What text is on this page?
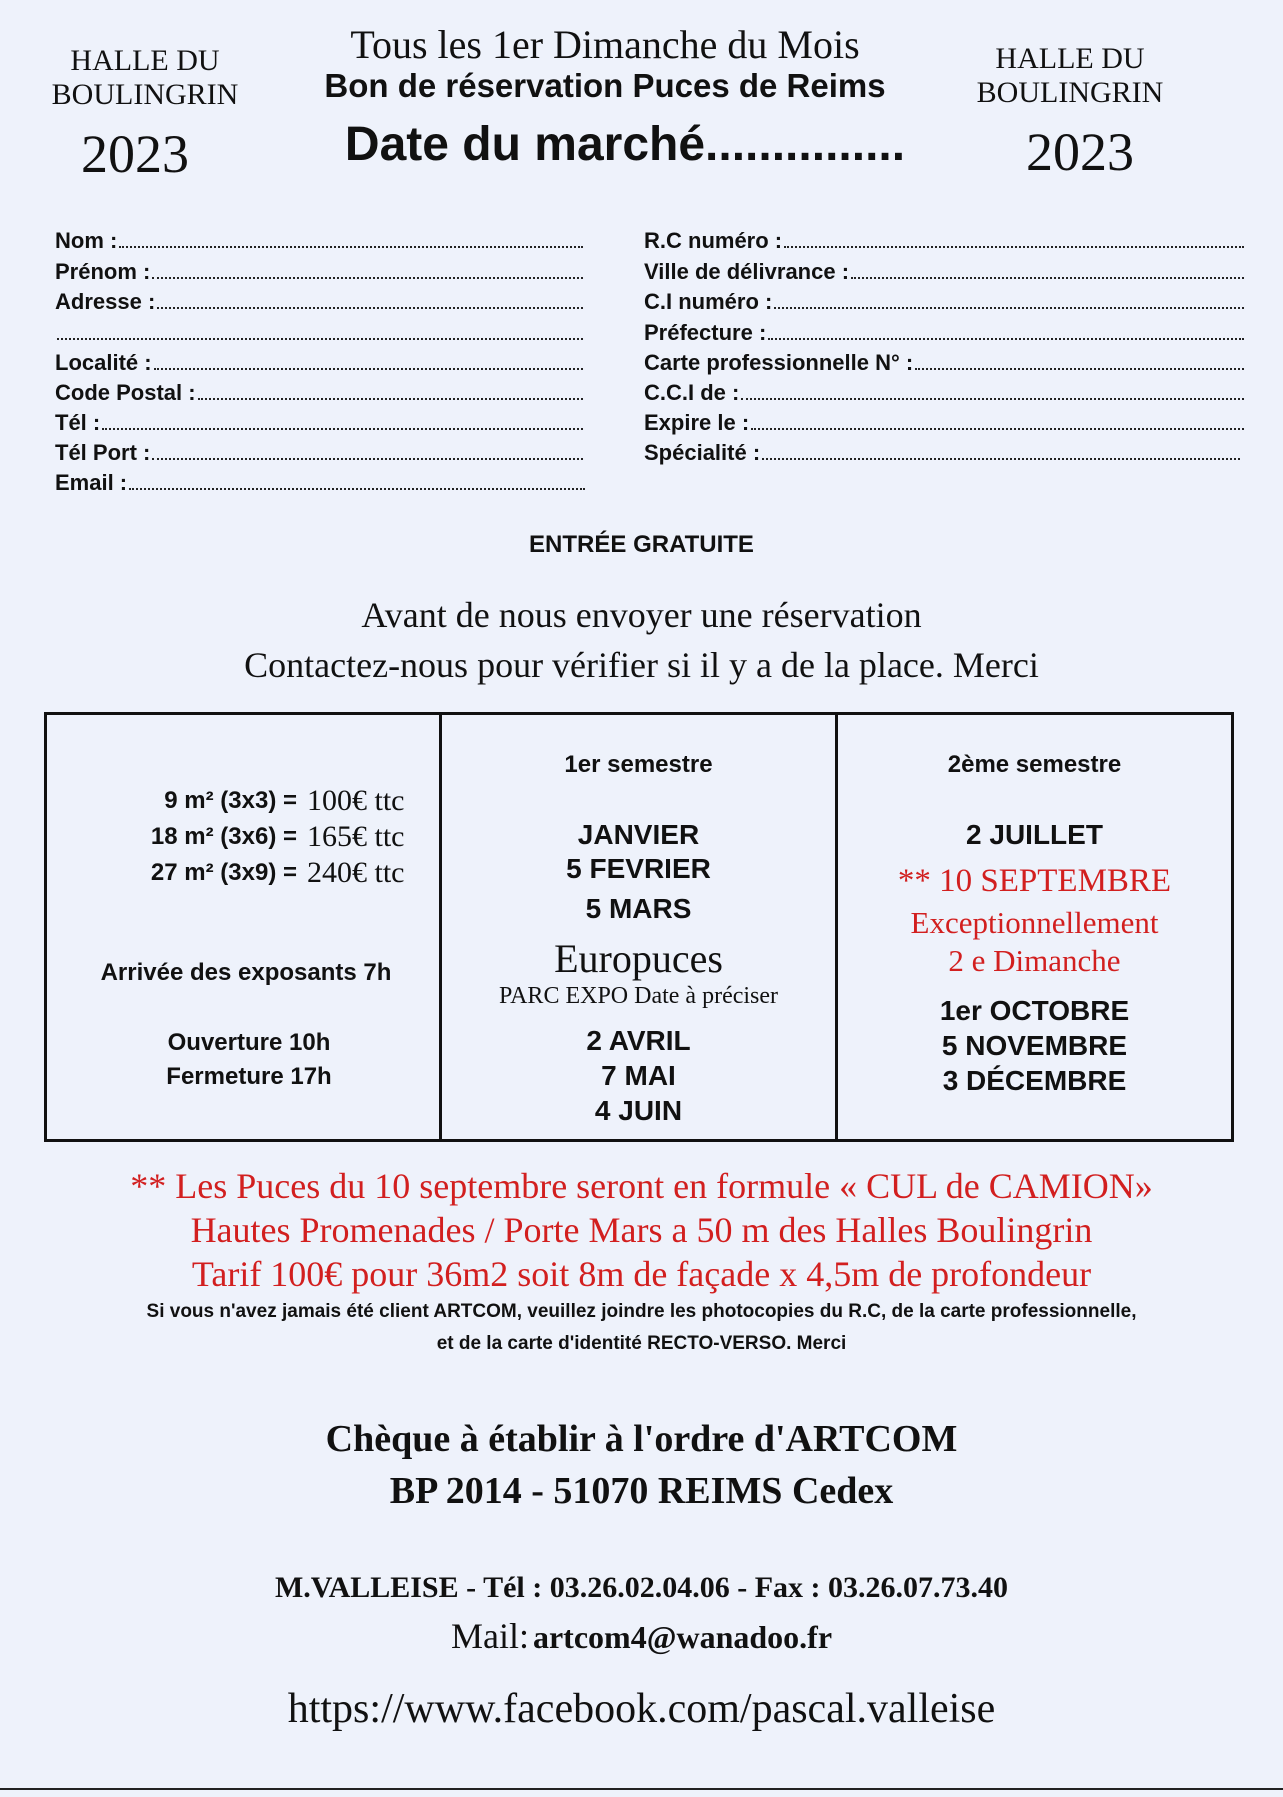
HALLE DU
BOULINGRIN
2023
HALLE DU
BOULINGRIN
2023
Tous les 1er Dimanche du Mois
Bon de réservation Puces de Reims
Date du marché...............
Nom :
Prénom :
Adresse :
Localité :
Code Postal :
Tél :
Tél Port :
Email :
R.C numéro :
Ville de délivrance :
C.I numéro :
Préfecture :
Carte professionnelle N° :
C.C.I de :
Expire le :
Spécialité :
ENTRÉE GRATUITE
Avant de nous envoyer une réservation
Contactez-nous pour vérifier si il y a de la place. Merci
9 m² (3x3) = 100€ ttc
18 m² (3x6) = 165€ ttc
27 m² (3x9) = 240€ ttc
Arrivée des exposants 7h
Ouverture 10h
Fermeture 17h

1er semestre
JANVIER
5 FEVRIER
5 MARS
Europuces
PARC EXPO Date à préciser
2 AVRIL
7 MAI
4 JUIN

2ème semestre
2 JUILLET
** 10 SEPTEMBRE
Exceptionnellement
2 e Dimanche
1er OCTOBRE
5 NOVEMBRE
3 DÉCEMBRE
** Les Puces du 10 septembre seront en formule « CUL de CAMION»
Hautes Promenades / Porte Mars a 50 m des Halles Boulingrin
Tarif 100€ pour 36m2 soit 8m de façade x 4,5m de profondeur
Si vous n'avez jamais été client ARTCOM, veuillez joindre les photocopies du R.C, de la carte professionnelle,
et de la carte d'identité RECTO-VERSO. Merci
Chèque à établir à l'ordre d'ARTCOM
BP 2014 - 51070 REIMS Cedex
M.VALLEISE - Tél : 03.26.02.04.06 - Fax : 03.26.07.73.40
Mail: artcom4@wanadoo.fr
https://www.facebook.com/pascal.valleise
